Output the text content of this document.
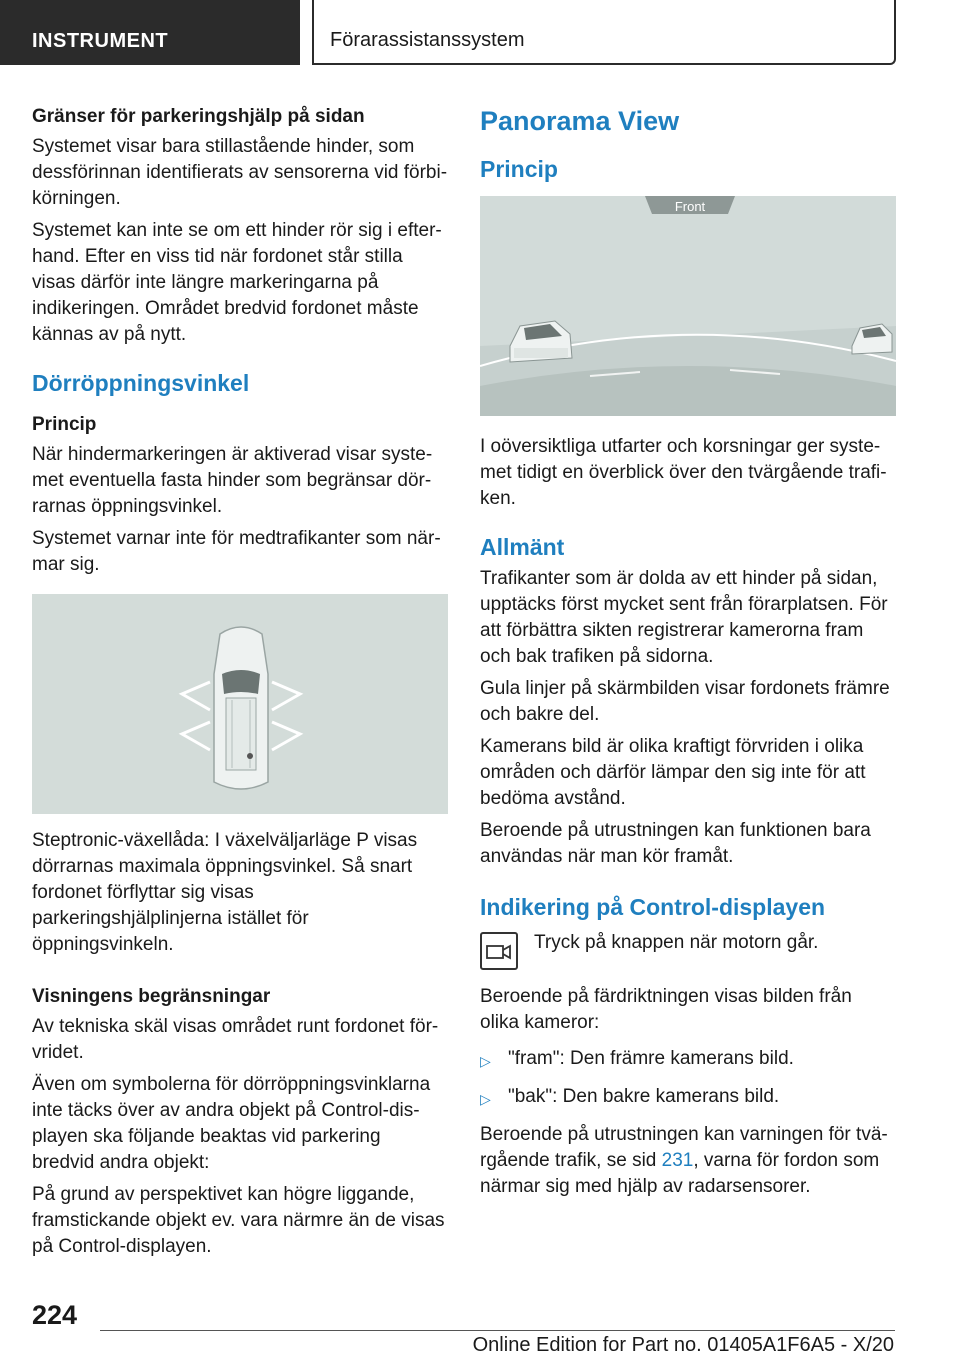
INSTRUMENT	Förarassistanssystem
Gränser för parkeringshjälp på sidan

Systemet visar bara stillastående hinder, som dessförinnan identifierats av sensorerna vid förbikörningen.

Systemet kan inte se om ett hinder rör sig i efterhand. Efter en viss tid när fordonet står stilla visas därför inte längre markeringarna på indikeringen. Området bredvid fordonet måste kännas av på nytt.

Dörröppningsvinkel
Princip

När hindermarkeringen är aktiverad visar systemet eventuella fasta hinder som begränsar dörrarnas öppningsvinkel.

Systemet varnar inte för medtrafikanter som närmar sig.

Steptronic-växellåda: I växelväljarläge P visas dörrarnas maximala öppningsvinkel. Så snart fordonet förflyttar sig visas parkeringshjälplinjerna istället för öppningsvinkeln.

Visningens begränsningar

Av tekniska skäl visas området runt fordonet förvridet.

Även om symbolerna för dörröppningsvinklarna inte täcks över av andra objekt på Control-displayen ska följande beaktas vid parkering bredvid andra objekt:

På grund av perspektivet kan högre liggande, framstickande objekt ev. vara närmre än de visas på Control-displayen.

Panorama View
Princip
Front

I oöversiktliga utfarter och korsningar ger systemet tidigt en överblick över den tvärgående trafiken.

Allmänt

Trafikanter som är dolda av ett hinder på sidan, upptäcks först mycket sent från förarplatsen. För att förbättra sikten registrerar kamerorna fram och bak trafiken på sidorna.

Gula linjer på skärmbilden visar fordonets främre och bakre del.

Kamerans bild är olika kraftigt förvriden i olika områden och därför lämpar den sig inte för att bedöma avstånd.

Beroende på utrustningen kan funktionen bara användas när man kör framåt.

Indikering på Control-displayen

Tryck på knappen när motorn går.

Beroende på färdriktningen visas bilden från olika kameror:

▷ "fram": Den främre kamerans bild.
▷ "bak": Den bakre kamerans bild.

Beroende på utrustningen kan varningen för tvärgående trafik, se sid 231, varna för fordon som närmar sig med hjälp av radarsensorer.

224
Online Edition for Part no. 01405A1F6A5 - X/20
